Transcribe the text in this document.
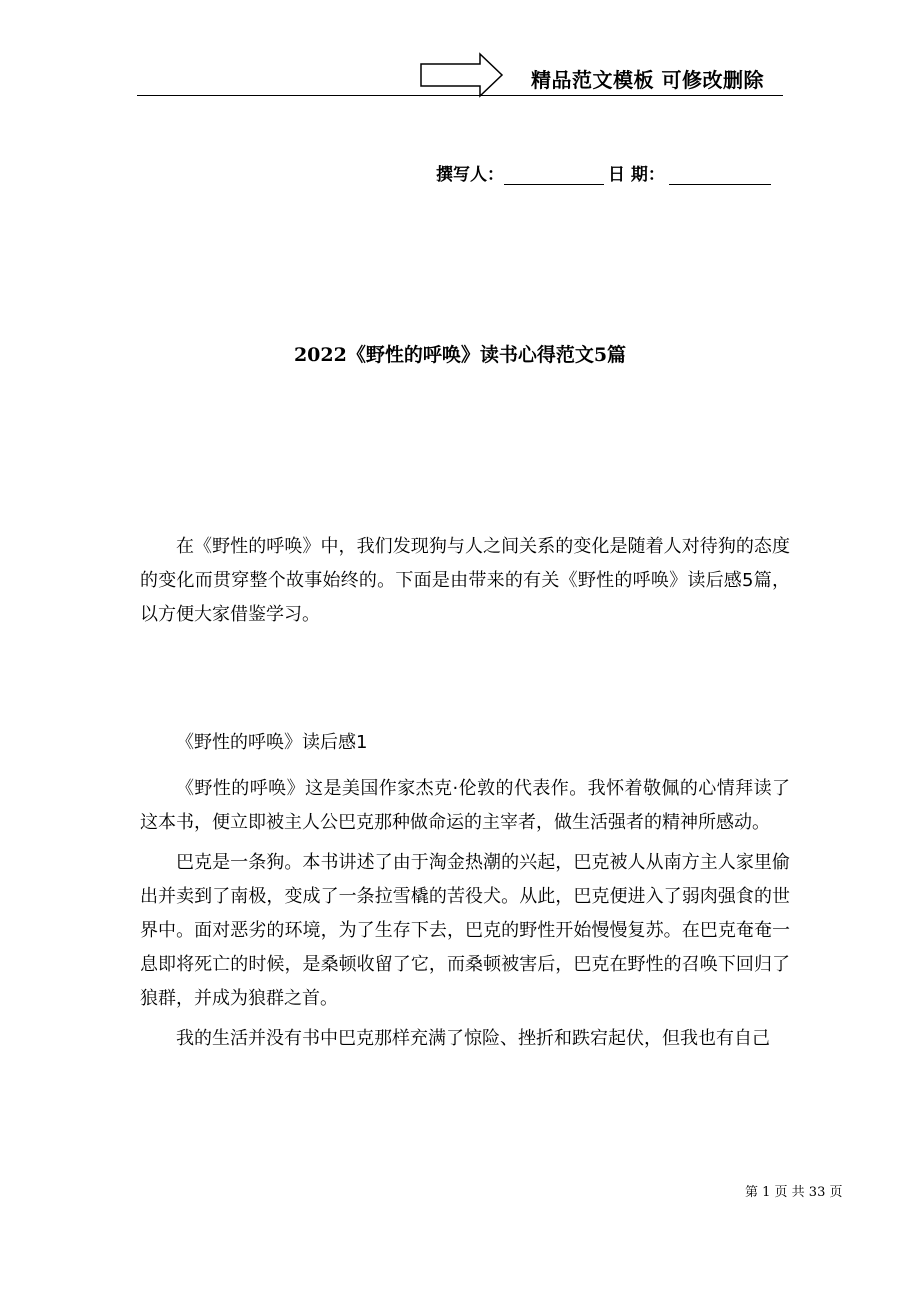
精品范文模板 可修改删除
撰写人：	日 期：
2022《野性的呼唤》读书心得范文5篇

在《野性的呼唤》中，我们发现狗与人之间关系的变化是随着人对待狗的态度的变化而贯穿整个故事始终的。下面是由带来的有关《野性的呼唤》读后感5篇，以方便大家借鉴学习。

《野性的呼唤》读后感1

《野性的呼唤》这是美国作家杰克·伦敦的代表作。我怀着敬佩的心情拜读了这本书，便立即被主人公巴克那种做命运的主宰者，做生活强者的精神所感动。

巴克是一条狗。本书讲述了由于淘金热潮的兴起，巴克被人从南方主人家里偷出并卖到了南极，变成了一条拉雪橇的苦役犬。从此，巴克便进入了弱肉强食的世界中。面对恶劣的环境，为了生存下去，巴克的野性开始慢慢复苏。在巴克奄奄一息即将死亡的时候，是桑顿收留了它，而桑顿被害后，巴克在野性的召唤下回归了狼群，并成为狼群之首。

我的生活并没有书中巴克那样充满了惊险、挫折和跌宕起伏，但我也有自己

第 1 页 共 33 页
